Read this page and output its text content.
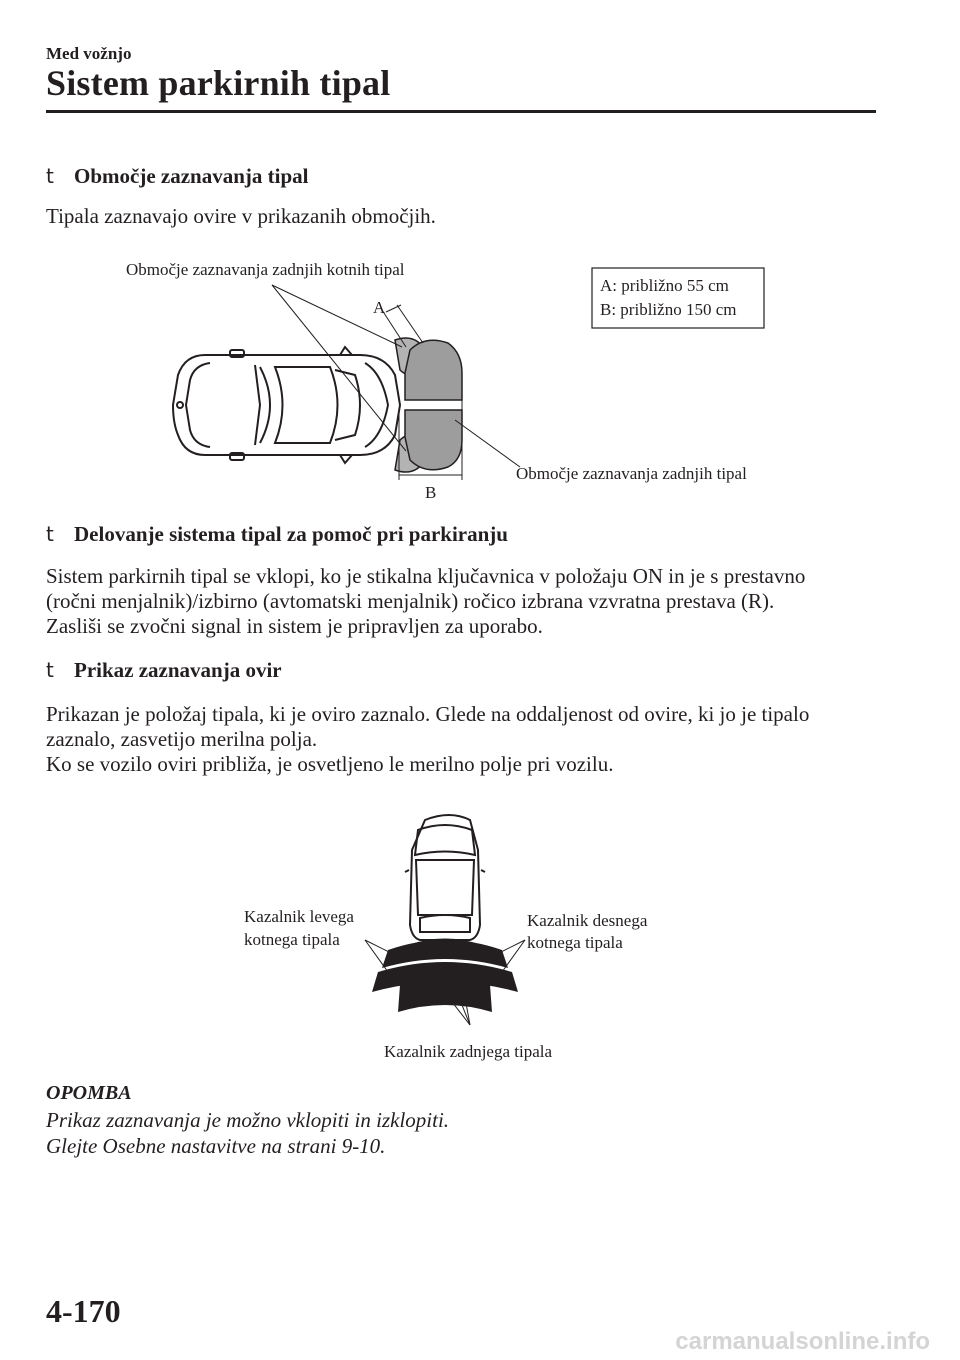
Med vožnjo
Sistem parkirnih tipal
t Območje zaznavanja tipal

Tipala zaznavajo ovire v prikazanih območjih.

A
B
Območje zaznavanja zadnjih kotnih tipal
Območje zaznavanja zadnjih tipal
A: približno 55 cm
B: približno 150 cm
t Delovanje sistema tipal za pomoč pri parkiranju

Sistem parkirnih tipal se vklopi, ko je stikalna ključavnica v položaju ON in je s prestavno

(ročni menjalnik)/izbirno (avtomatski menjalnik) ročico izbrana vzvratna prestava (R).

Zasliši se zvočni signal in sistem je pripravljen za uporabo.

t Prikaz zaznavanja ovir

Prikazan je položaj tipala, ki je oviro zaznalo. Glede na oddaljenost od ovire, ki jo je tipalo

zaznalo, zasvetijo merilna polja.

Ko se vozilo oviri približa, je osvetljeno le merilno polje pri vozilu.

Kazalnik levega
kotnega tipala
Kazalnik desnega
kotnega tipala
Kazalnik zadnjega tipala
OPOMBA

Prikaz zaznavanja je možno vklopiti in izklopiti.

Glejte Osebne nastavitve na strani 9-10.

4-170
carmanualsonline.info
